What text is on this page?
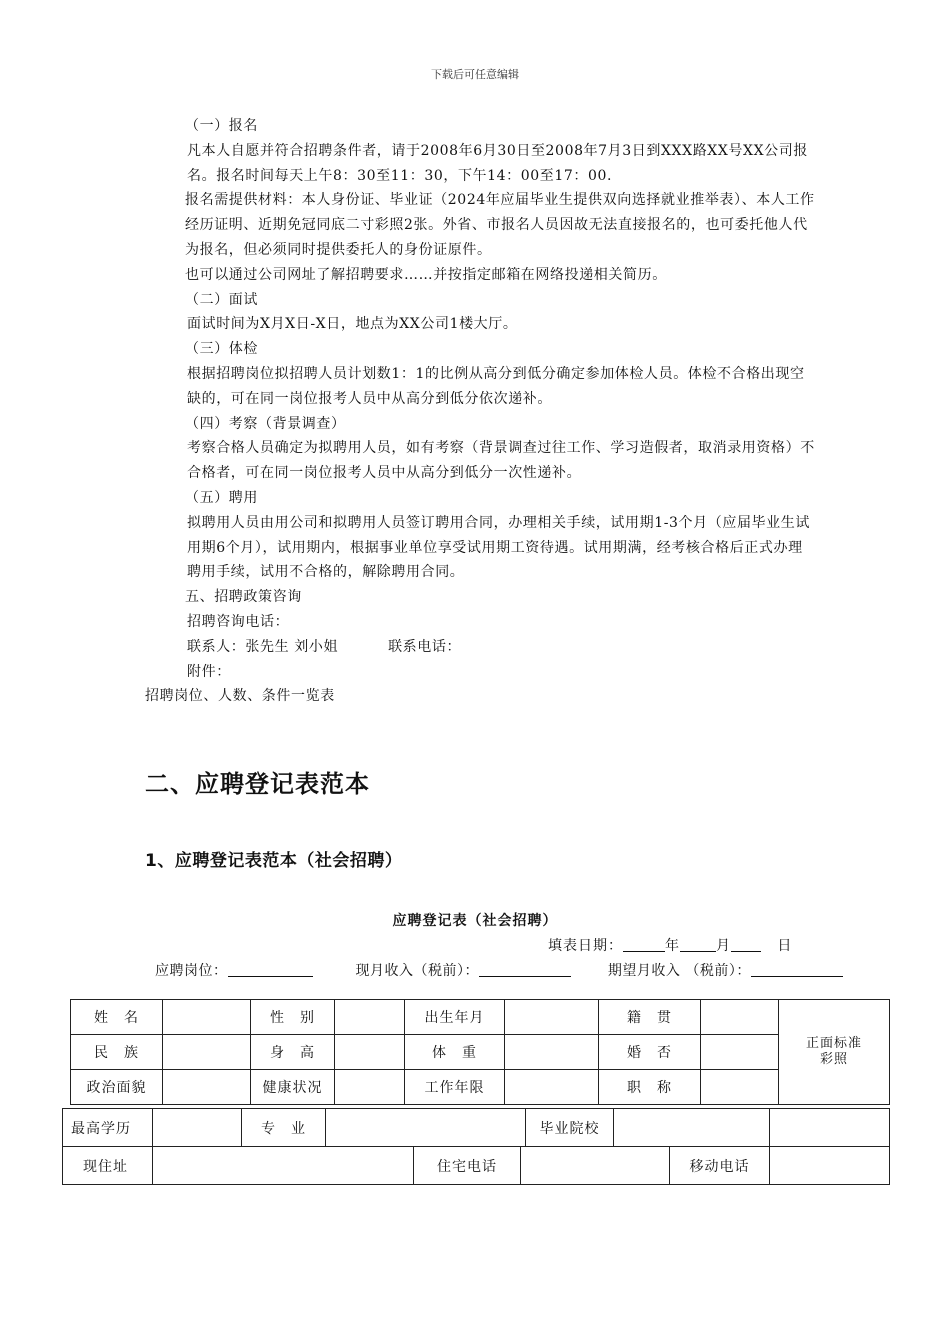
下载后可任意编辑

（一）报名

凡本人自愿并符合招聘条件者，请于2008年6月30日至2008年7月3日到XXX路XX号XX公司报名。报名时间每天上午8：30至11：30，下午14：00至17：00.

报名需提供材料：本人身份证、毕业证（2024年应届毕业生提供双向选择就业推举表）、本人工作经历证明、近期免冠同底二寸彩照2张。外省、市报名人员因故无法直接报名的，也可委托他人代为报名，但必须同时提供委托人的身份证原件。

也可以通过公司网址了解招聘要求……并按指定邮箱在网络投递相关简历。

（二）面试

面试时间为X月X日-X日，地点为XX公司1楼大厅。

（三）体检

根据招聘岗位拟招聘人员计划数1：1的比例从高分到低分确定参加体检人员。体检不合格出现空缺的，可在同一岗位报考人员中从高分到低分依次递补。

（四）考察（背景调查）

考察合格人员确定为拟聘用人员，如有考察（背景调查过往工作、学习造假者，取消录用资格）不合格者，可在同一岗位报考人员中从高分到低分一次性递补。

（五）聘用

拟聘用人员由用公司和拟聘用人员签订聘用合同，办理相关手续，试用期1-3个月（应届毕业生试用期6个月），试用期内，根据事业单位享受试用期工资待遇。试用期满，经考核合格后正式办理聘用手续，试用不合格的，解除聘用合同。

五、招聘政策咨询

招聘咨询电话：

联系人：张先生 刘小姐	联系电话：

附件：

招聘岗位、人数、条件一览表

二、应聘登记表范本
1、应聘登记表范本（社会招聘）
应聘登记表（社会招聘）
填表日期：	年	月	日
应聘岗位：	现月收入（税前）：	期望月收入 （税前）：
姓　名		性　别		出生年月		籍　贯		正面标准
彩照
民　族		身　高		体　重		婚　否		
政治面貌		健康状况		工作年限		职　称		
最高学历		专　业				毕业院校			
现住址				住宅电话				移动电话	
